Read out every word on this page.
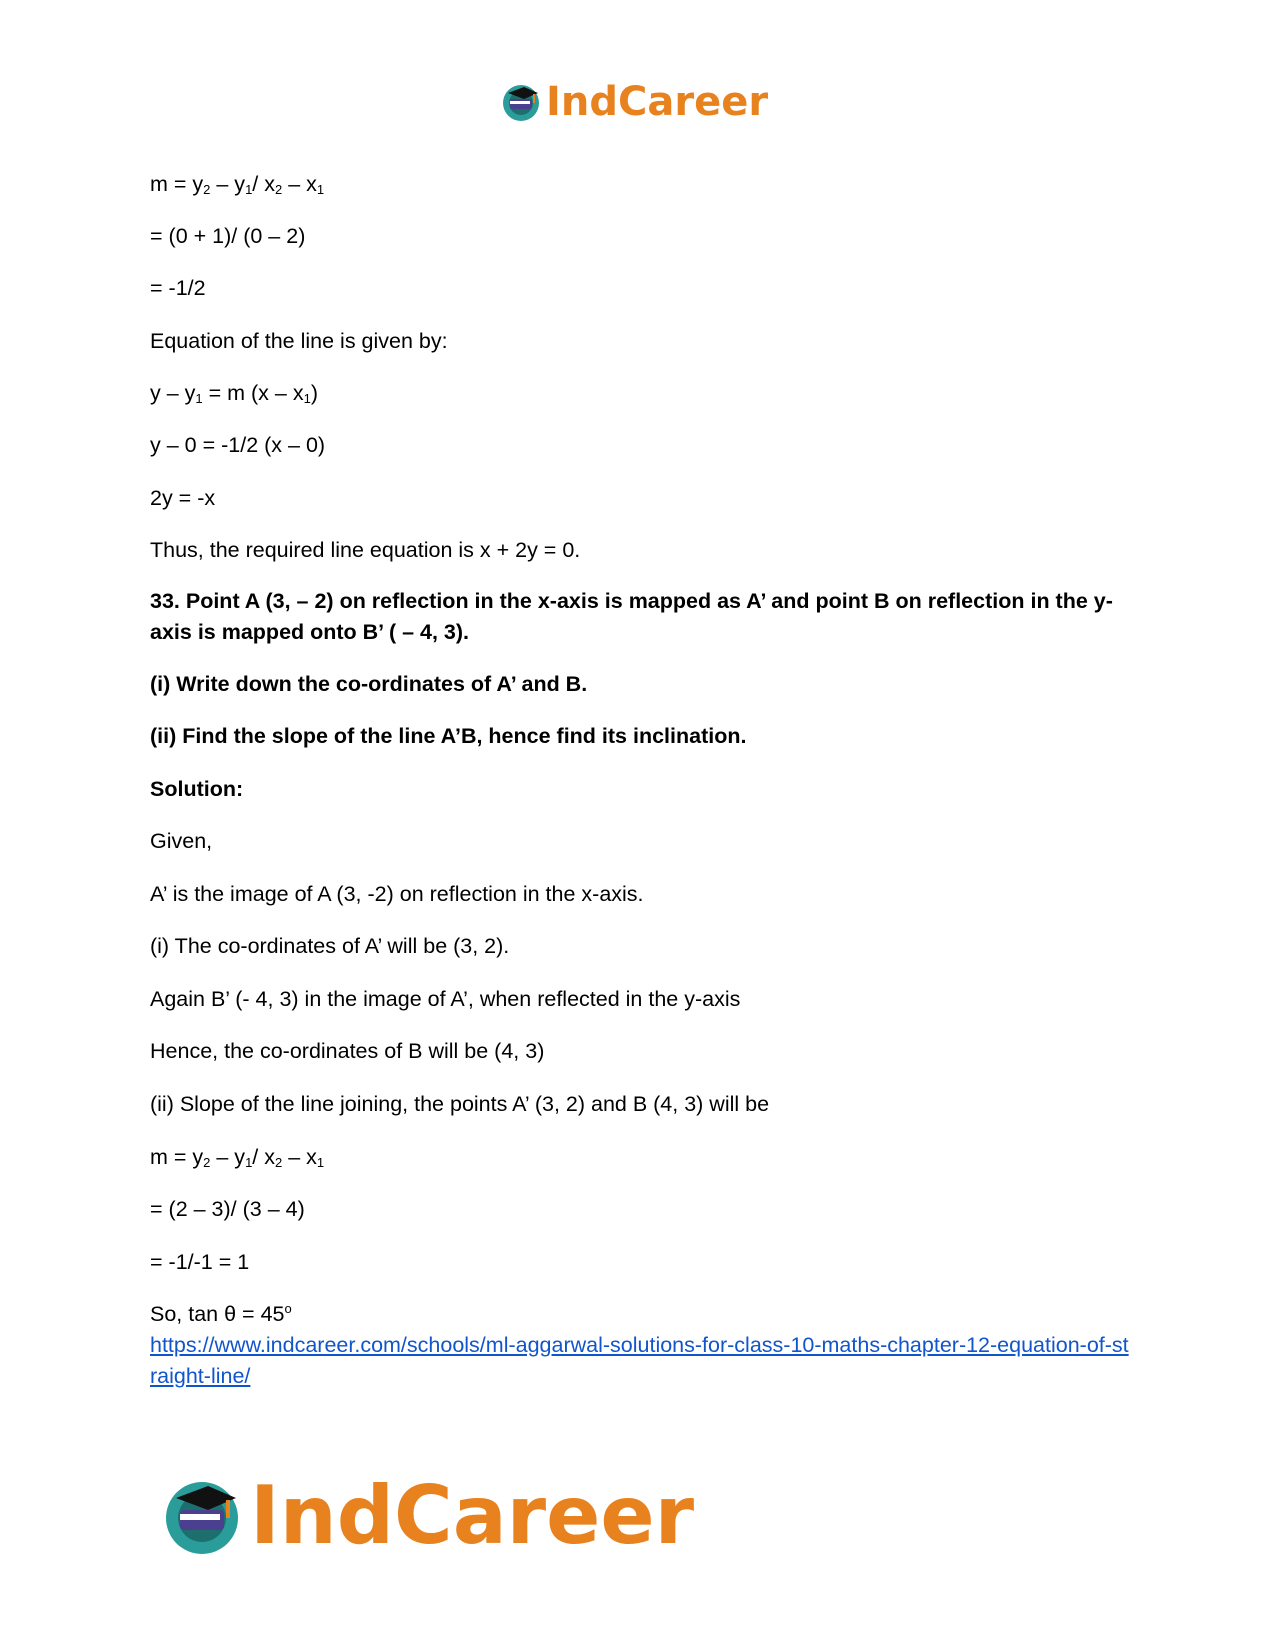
IndCareer
$m = y_2 - y_1/$ $x_2 - x_1$
= (0 + 1)/ (0 – 2)
= -1/2
Equation of the line is given by:
$y - y_1 = m$ $(x - x_1)$
y – 0 = -1/2 (x – 0)
2y = -x
Thus, the required line equation is x + 2y = 0.
33. Point A (3, – 2) on reflection in the x-axis is mapped as A’ and point B on reflection in the y-axis is mapped onto B’ ( – 4, 3).
(i) Write down the co-ordinates of A’ and B.
(ii) Find the slope of the line A’B, hence find its inclination.
Solution:
Given,
A’ is the image of A (3, -2) on reflection in the x-axis.
(i) The co-ordinates of A’ will be (3, 2).
Again B’ (- 4, 3) in the image of A’, when reflected in the y-axis
Hence, the co-ordinates of B will be (4, 3)
(ii) Slope of the line joining, the points A’ (3, 2) and B (4, 3) will be
$m = y_2 - y_1/$ $x_2 - x_1$
= (2 – 3)/ (3 – 4)
= -1/-1 = 1
So, $\tan \theta = 45^o$
https://www.indcareer.com/schools/ml-aggarwal-solutions-for-class-10-maths-chapter-12-equation-of-straight-line/
IndCareer
